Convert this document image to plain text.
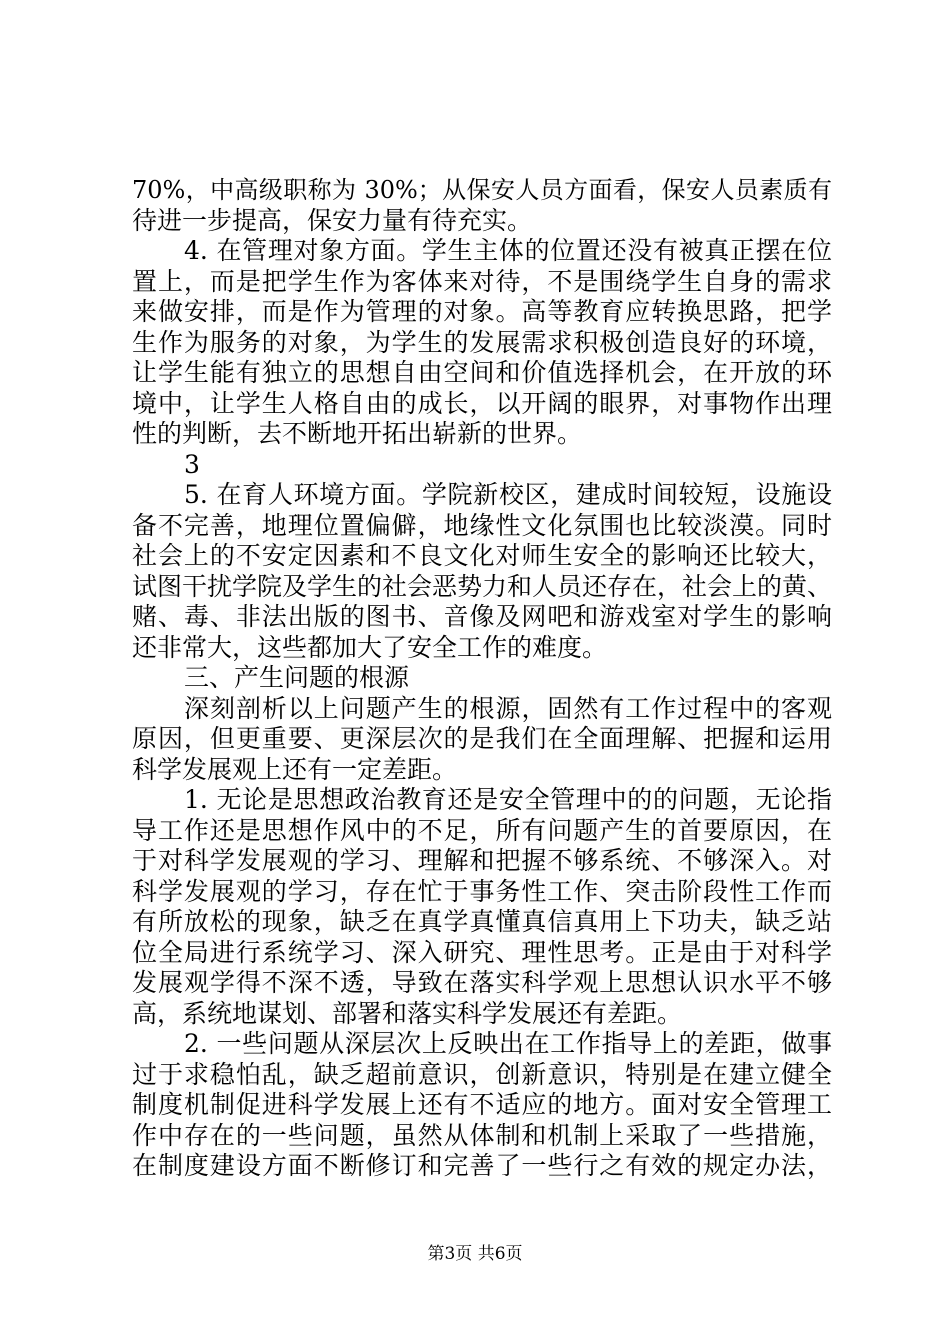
70%，中高级职称为 30%；从保安人员方面看，保安人员素质有
待进一步提高，保安力量有待充实。
4. 在管理对象方面。学生主体的位置还没有被真正摆在位
置上，而是把学生作为客体来对待，不是围绕学生自身的需求
来做安排，而是作为管理的对象。高等教育应转换思路，把学
生作为服务的对象，为学生的发展需求积极创造良好的环境，
让学生能有独立的思想自由空间和价值选择机会，在开放的环
境中，让学生人格自由的成长，以开阔的眼界，对事物作出理
性的判断，去不断地开拓出崭新的世界。
3
5. 在育人环境方面。学院新校区，建成时间较短，设施设
备不完善，地理位置偏僻，地缘性文化氛围也比较淡漠。同时
社会上的不安定因素和不良文化对师生安全的影响还比较大，
试图干扰学院及学生的社会恶势力和人员还存在，社会上的黄、
赌、毒、非法出版的图书、音像及网吧和游戏室对学生的影响
还非常大，这些都加大了安全工作的难度。
三、产生问题的根源
深刻剖析以上问题产生的根源，固然有工作过程中的客观
原因，但更重要、更深层次的是我们在全面理解、把握和运用
科学发展观上还有一定差距。
1. 无论是思想政治教育还是安全管理中的的问题，无论指
导工作还是思想作风中的不足，所有问题产生的首要原因，在
于对科学发展观的学习、理解和把握不够系统、不够深入。对
科学发展观的学习，存在忙于事务性工作、突击阶段性工作而
有所放松的现象，缺乏在真学真懂真信真用上下功夫，缺乏站
位全局进行系统学习、深入研究、理性思考。正是由于对科学
发展观学得不深不透，导致在落实科学观上思想认识水平不够
高，系统地谋划、部署和落实科学发展还有差距。
2. 一些问题从深层次上反映出在工作指导上的差距，做事
过于求稳怕乱，缺乏超前意识，创新意识，特别是在建立健全
制度机制促进科学发展上还有不适应的地方。面对安全管理工
作中存在的一些问题，虽然从体制和机制上采取了一些措施，
在制度建设方面不断修订和完善了一些行之有效的规定办法，
第3页 共6页
